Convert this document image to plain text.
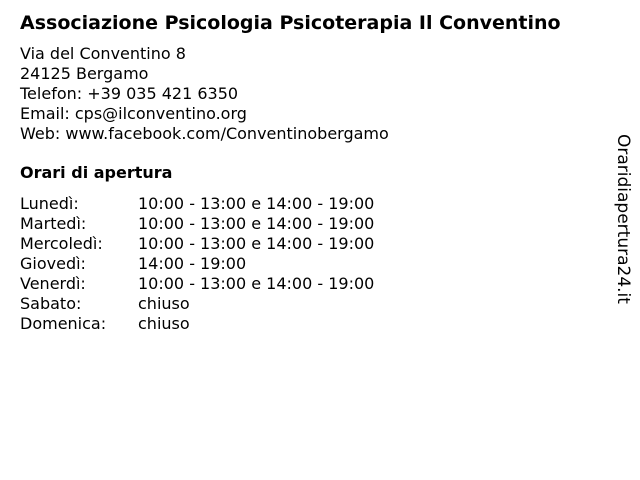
Associazione Psicologia Psicoterapia Il Conventino
Via del Conventino 8
24125 Bergamo
Telefon: +39 035 421 6350
Email: cps@ilconventino.org
Web: www.facebook.com/Conventinobergamo
Orari di apertura
Lunedì:	10:00 - 13:00 e 14:00 - 19:00
Martedì:	10:00 - 13:00 e 14:00 - 19:00
Mercoledì: 10:00 - 13:00 e 14:00 - 19:00
Giovedì:	14:00 - 19:00
Venerdì:	10:00 - 13:00 e 14:00 - 19:00
Sabato:	chiuso
Domenica: chiuso
Oraridiapertura24.it
